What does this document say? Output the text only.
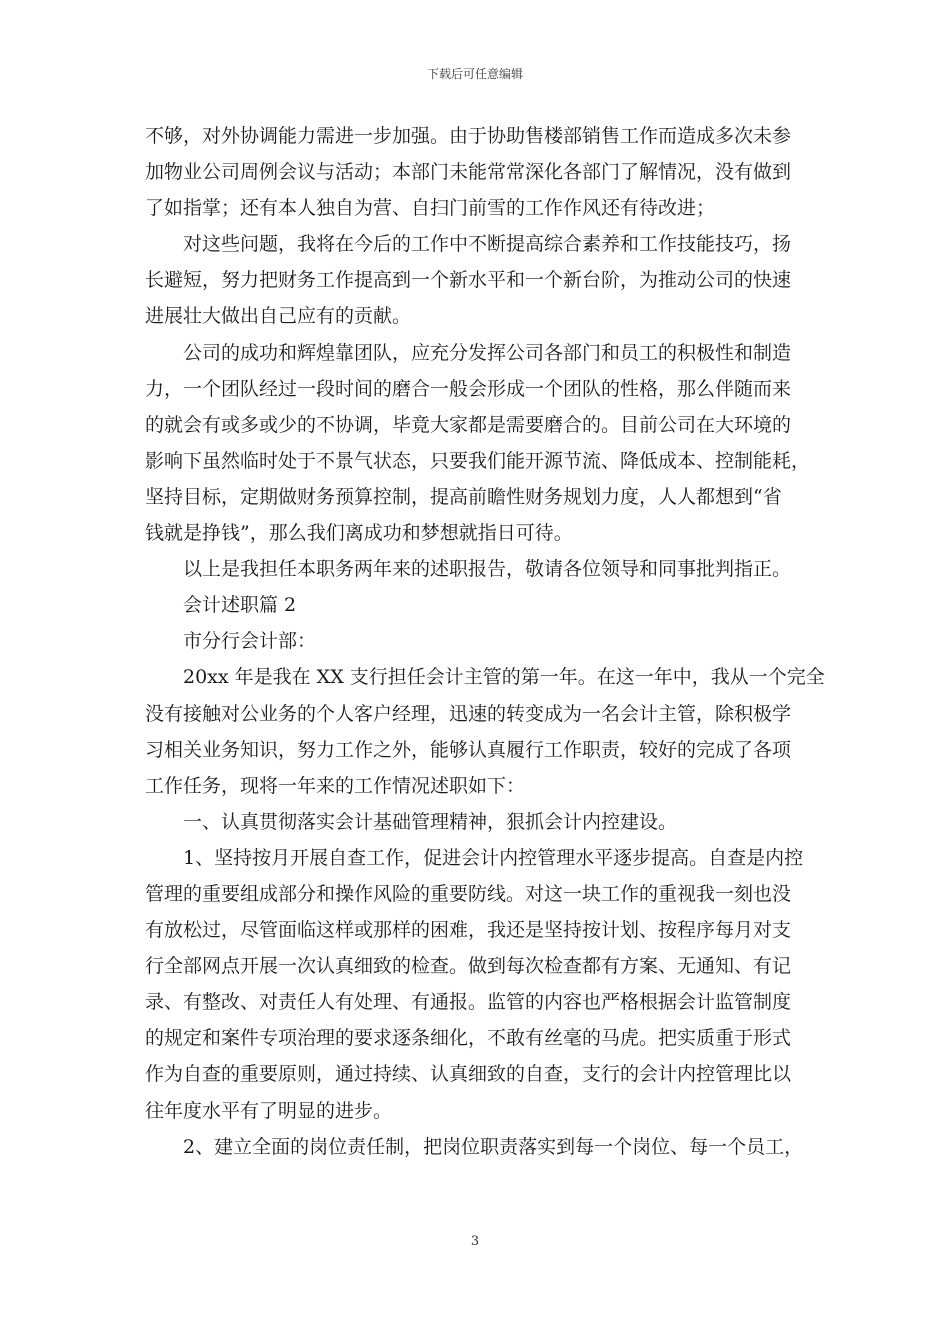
下载后可任意编辑
不够，对外协调能力需进一步加强。由于协助售楼部销售工作而造成多次未参
加物业公司周例会议与活动；本部门未能常常深化各部门了解情况，没有做到
了如指掌；还有本人独自为营、自扫门前雪的工作作风还有待改进；
对这些问题，我将在今后的工作中不断提高综合素养和工作技能技巧，扬
长避短，努力把财务工作提高到一个新水平和一个新台阶，为推动公司的快速
进展壮大做出自己应有的贡献。
公司的成功和辉煌靠团队，应充分发挥公司各部门和员工的积极性和制造
力，一个团队经过一段时间的磨合一般会形成一个团队的性格，那么伴随而来
的就会有或多或少的不协调，毕竟大家都是需要磨合的。目前公司在大环境的
影响下虽然临时处于不景气状态，只要我们能开源节流、降低成本、控制能耗，
坚持目标，定期做财务预算控制，提高前瞻性财务规划力度，人人都想到“省
钱就是挣钱”，那么我们离成功和梦想就指日可待。
以上是我担任本职务两年来的述职报告，敬请各位领导和同事批判指正。
会计述职篇 2
市分行会计部：
20xx 年是我在 XX 支行担任会计主管的第一年。在这一年中，我从一个完全
没有接触对公业务的个人客户经理，迅速的转变成为一名会计主管，除积极学
习相关业务知识，努力工作之外，能够认真履行工作职责，较好的完成了各项
工作任务，现将一年来的工作情况述职如下：
一、认真贯彻落实会计基础管理精神，狠抓会计内控建设。
1、坚持按月开展自查工作，促进会计内控管理水平逐步提高。自查是内控
管理的重要组成部分和操作风险的重要防线。对这一块工作的重视我一刻也没
有放松过，尽管面临这样或那样的困难，我还是坚持按计划、按程序每月对支
行全部网点开展一次认真细致的检查。做到每次检查都有方案、无通知、有记
录、有整改、对责任人有处理、有通报。监管的内容也严格根据会计监管制度
的规定和案件专项治理的要求逐条细化，不敢有丝毫的马虎。把实质重于形式
作为自查的重要原则，通过持续、认真细致的自查，支行的会计内控管理比以
往年度水平有了明显的进步。
2、建立全面的岗位责任制，把岗位职责落实到每一个岗位、每一个员工，
3
